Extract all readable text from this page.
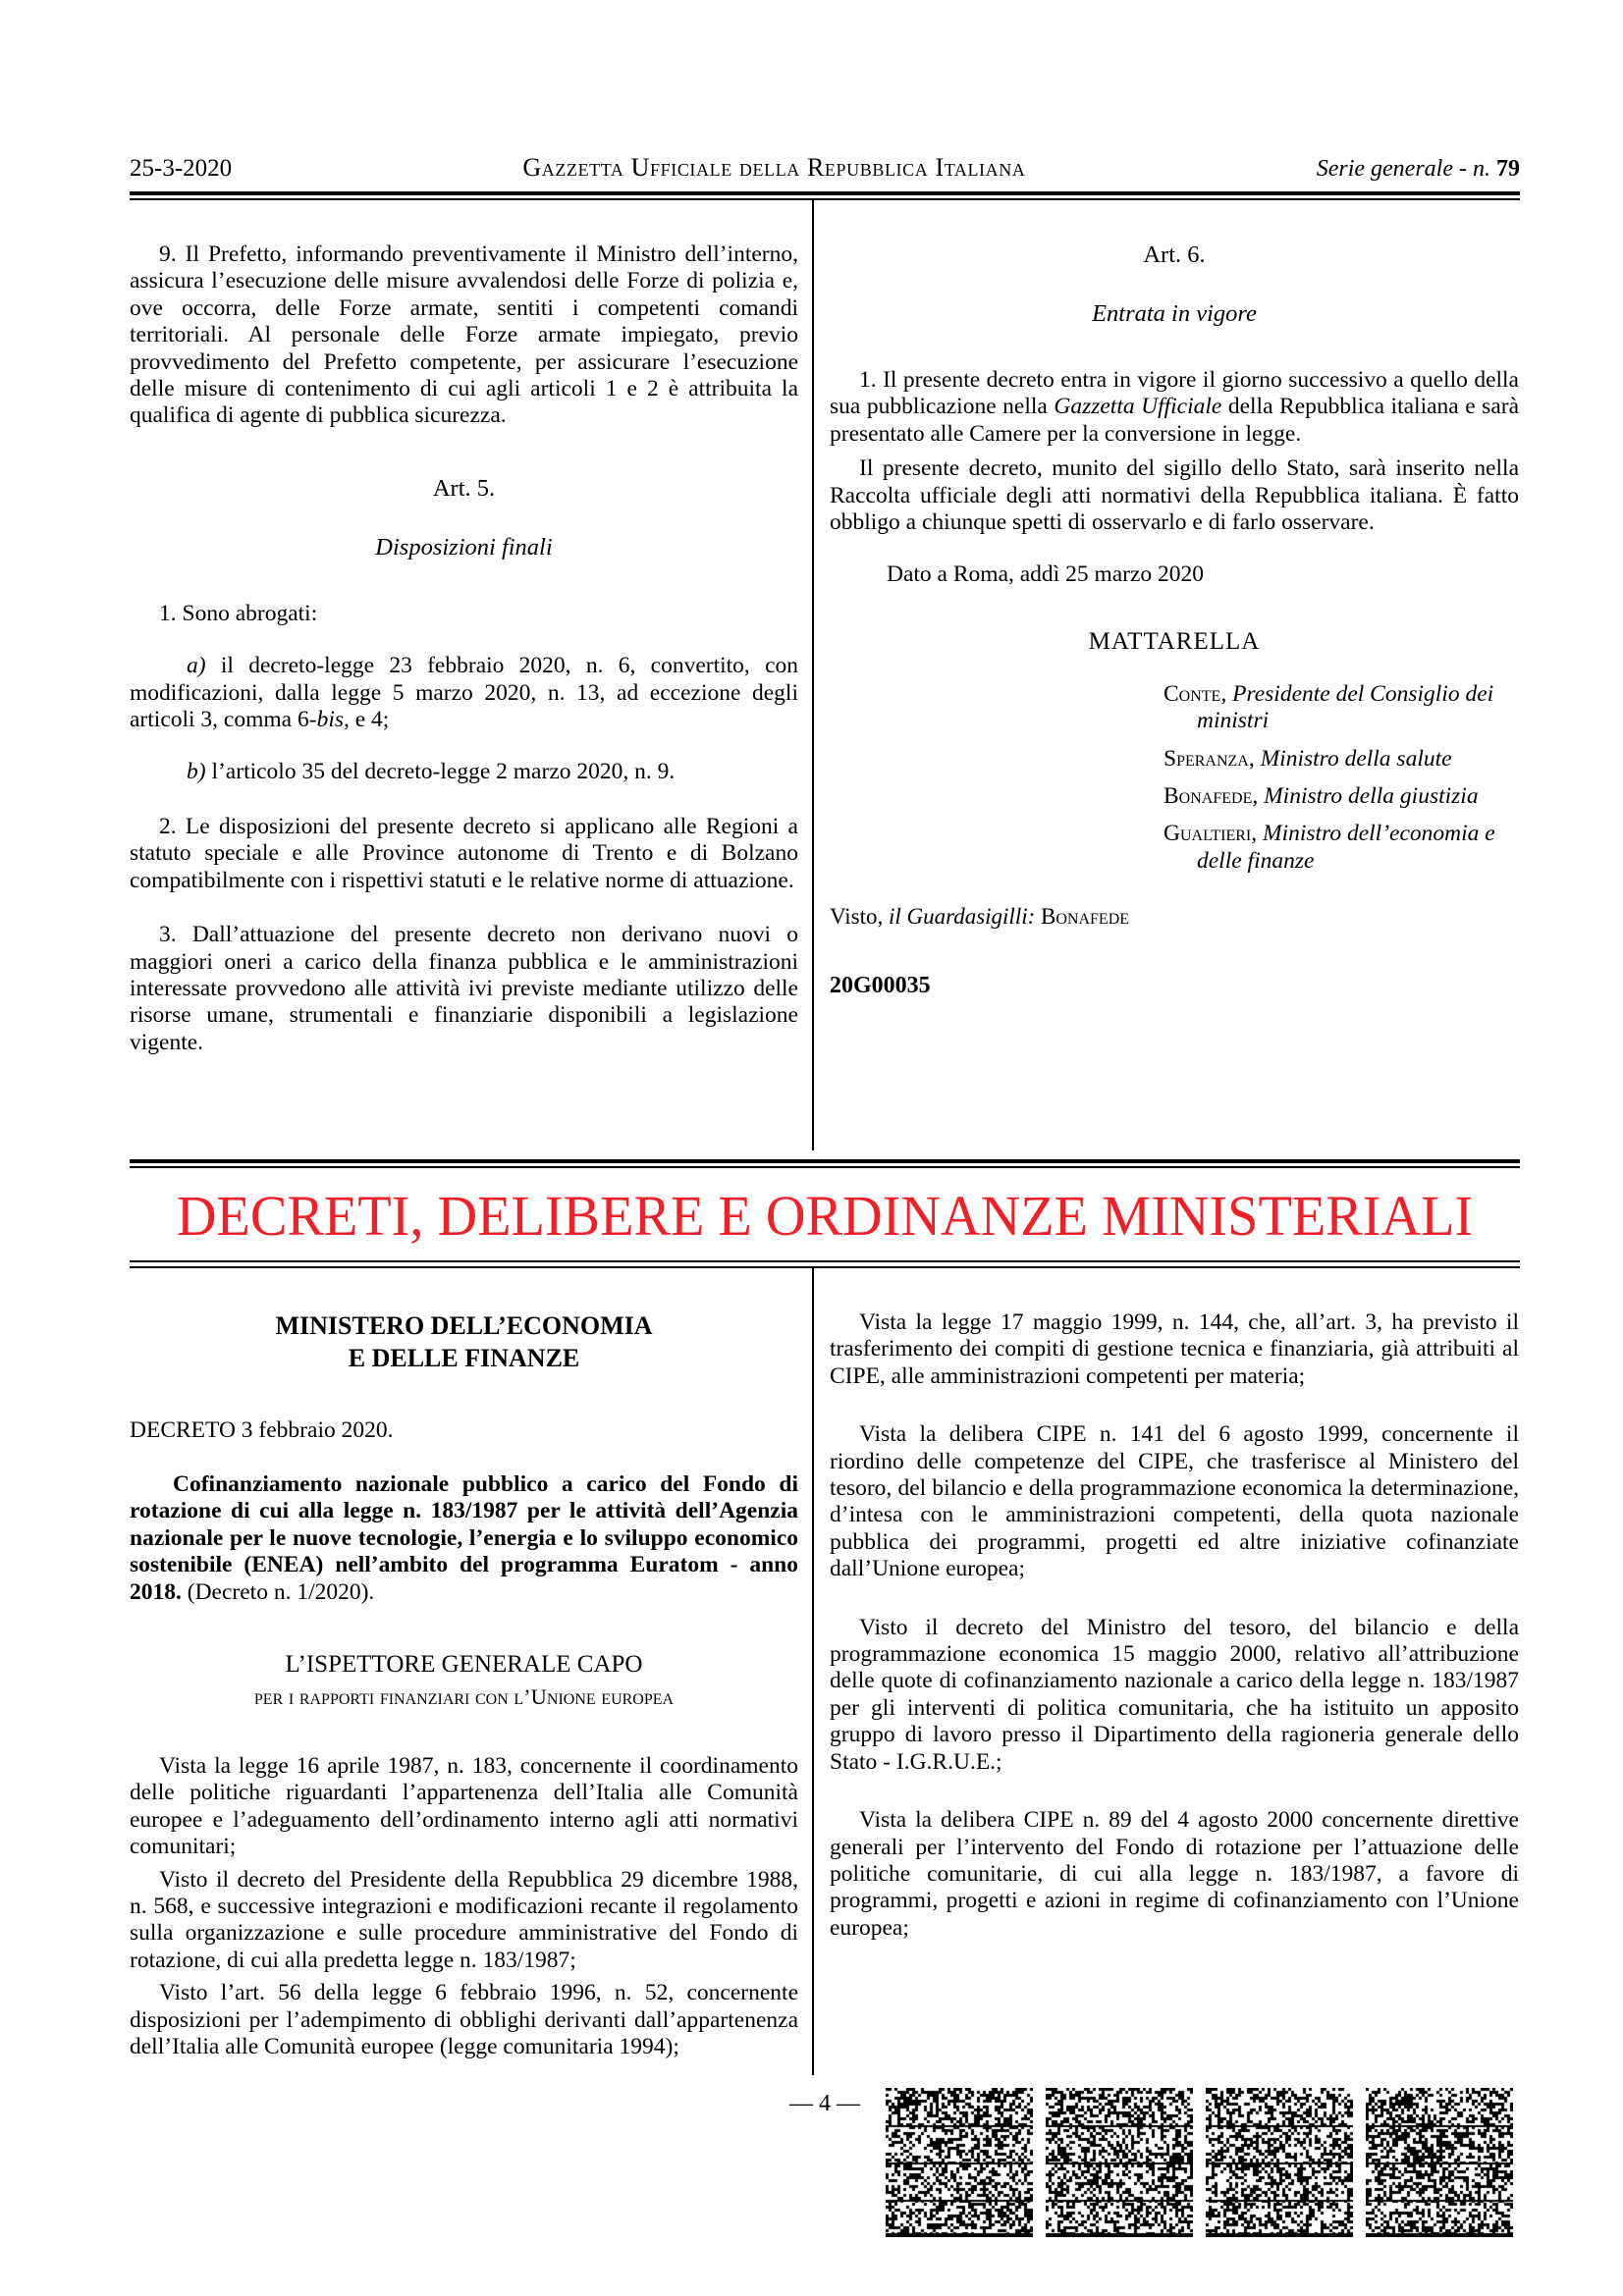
25-3-2020	Gazzetta Ufficiale della Repubblica Italiana	Serie generale - n. 79

9. Il Prefetto, informando preventivamente il Ministro dell’interno, assicura l’esecuzione delle misure avvalendosi delle Forze di polizia e, ove occorra, delle Forze armate, sentiti i competenti comandi territoriali. Al personale delle Forze armate impiegato, previo provvedimento del Prefetto competente, per assicurare l’esecuzione delle misure di contenimento di cui agli articoli 1 e 2 è attribuita la qualifica di agente di pubblica sicurezza.

Art. 5.

Disposizioni finali

1. Sono abrogati:

a) il decreto-legge 23 febbraio 2020, n. 6, convertito, con modificazioni, dalla legge 5 marzo 2020, n. 13, ad eccezione degli articoli 3, comma 6-bis, e 4;

b) l’articolo 35 del decreto-legge 2 marzo 2020, n. 9.

2. Le disposizioni del presente decreto si applicano alle Regioni a statuto speciale e alle Province autonome di Trento e di Bolzano compatibilmente con i rispettivi statuti e le relative norme di attuazione.

3. Dall’attuazione del presente decreto non derivano nuovi o maggiori oneri a carico della finanza pubblica e le amministrazioni interessate provvedono alle attività ivi previste mediante utilizzo delle risorse umane, strumentali e finanziarie disponibili a legislazione vigente.

Art. 6.

Entrata in vigore

1. Il presente decreto entra in vigore il giorno successivo a quello della sua pubblicazione nella Gazzetta Ufficiale della Repubblica italiana e sarà presentato alle Camere per la conversione in legge.

Il presente decreto, munito del sigillo dello Stato, sarà inserito nella Raccolta ufficiale degli atti normativi della Repubblica italiana. È fatto obbligo a chiunque spetti di osservarlo e di farlo osservare.

Dato a Roma, addì 25 marzo 2020

MATTARELLA

Conte, Presidente del Consiglio dei ministri

Speranza, Ministro della salute

Bonafede, Ministro della giustizia

Gualtieri, Ministro dell’economia e delle finanze

Visto, il Guardasigilli: Bonafede

20G00035

DECRETI, DELIBERE E ORDINANZE MINISTERIALI
MINISTERO DELL’ECONOMIA
E DELLE FINANZE

DECRETO 3 febbraio 2020.

Cofinanziamento nazionale pubblico a carico del Fondo di rotazione di cui alla legge n. 183/1987 per le attività dell’Agenzia nazionale per le nuove tecnologie, l’energia e lo sviluppo economico sostenibile (ENEA) nell’ambito del programma Euratom - anno 2018. (Decreto n. 1/2020).

L’ISPETTORE GENERALE CAPO

per i rapporti finanziari con l’Unione europea

Vista la legge 16 aprile 1987, n. 183, concernente il coordinamento delle politiche riguardanti l’appartenenza dell’Italia alle Comunità europee e l’adeguamento dell’ordinamento interno agli atti normativi comunitari;

Visto il decreto del Presidente della Repubblica 29 dicembre 1988, n. 568, e successive integrazioni e modificazioni recante il regolamento sulla organizzazione e sulle procedure amministrative del Fondo di rotazione, di cui alla predetta legge n. 183/1987;

Visto l’art. 56 della legge 6 febbraio 1996, n. 52, concernente disposizioni per l’adempimento di obblighi derivanti dall’appartenenza dell’Italia alle Comunità europee (legge comunitaria 1994);

Vista la legge 17 maggio 1999, n. 144, che, all’art. 3, ha previsto il trasferimento dei compiti di gestione tecnica e finanziaria, già attribuiti al CIPE, alle amministrazioni competenti per materia;

Vista la delibera CIPE n. 141 del 6 agosto 1999, concernente il riordino delle competenze del CIPE, che trasferisce al Ministero del tesoro, del bilancio e della programmazione economica la determinazione, d’intesa con le amministrazioni competenti, della quota nazionale pubblica dei programmi, progetti ed altre iniziative cofinanziate dall’Unione europea;

Visto il decreto del Ministro del tesoro, del bilancio e della programmazione economica 15 maggio 2000, relativo all’attribuzione delle quote di cofinanziamento nazionale a carico della legge n. 183/1987 per gli interventi di politica comunitaria, che ha istituito un apposito gruppo di lavoro presso il Dipartimento della ragioneria generale dello Stato - I.G.R.U.E.;

Vista la delibera CIPE n. 89 del 4 agosto 2000 concernente direttive generali per l’intervento del Fondo di rotazione per l’attuazione delle politiche comunitarie, di cui alla legge n. 183/1987, a favore di programmi, progetti e azioni in regime di cofinanziamento con l’Unione europea;

— 4 —
